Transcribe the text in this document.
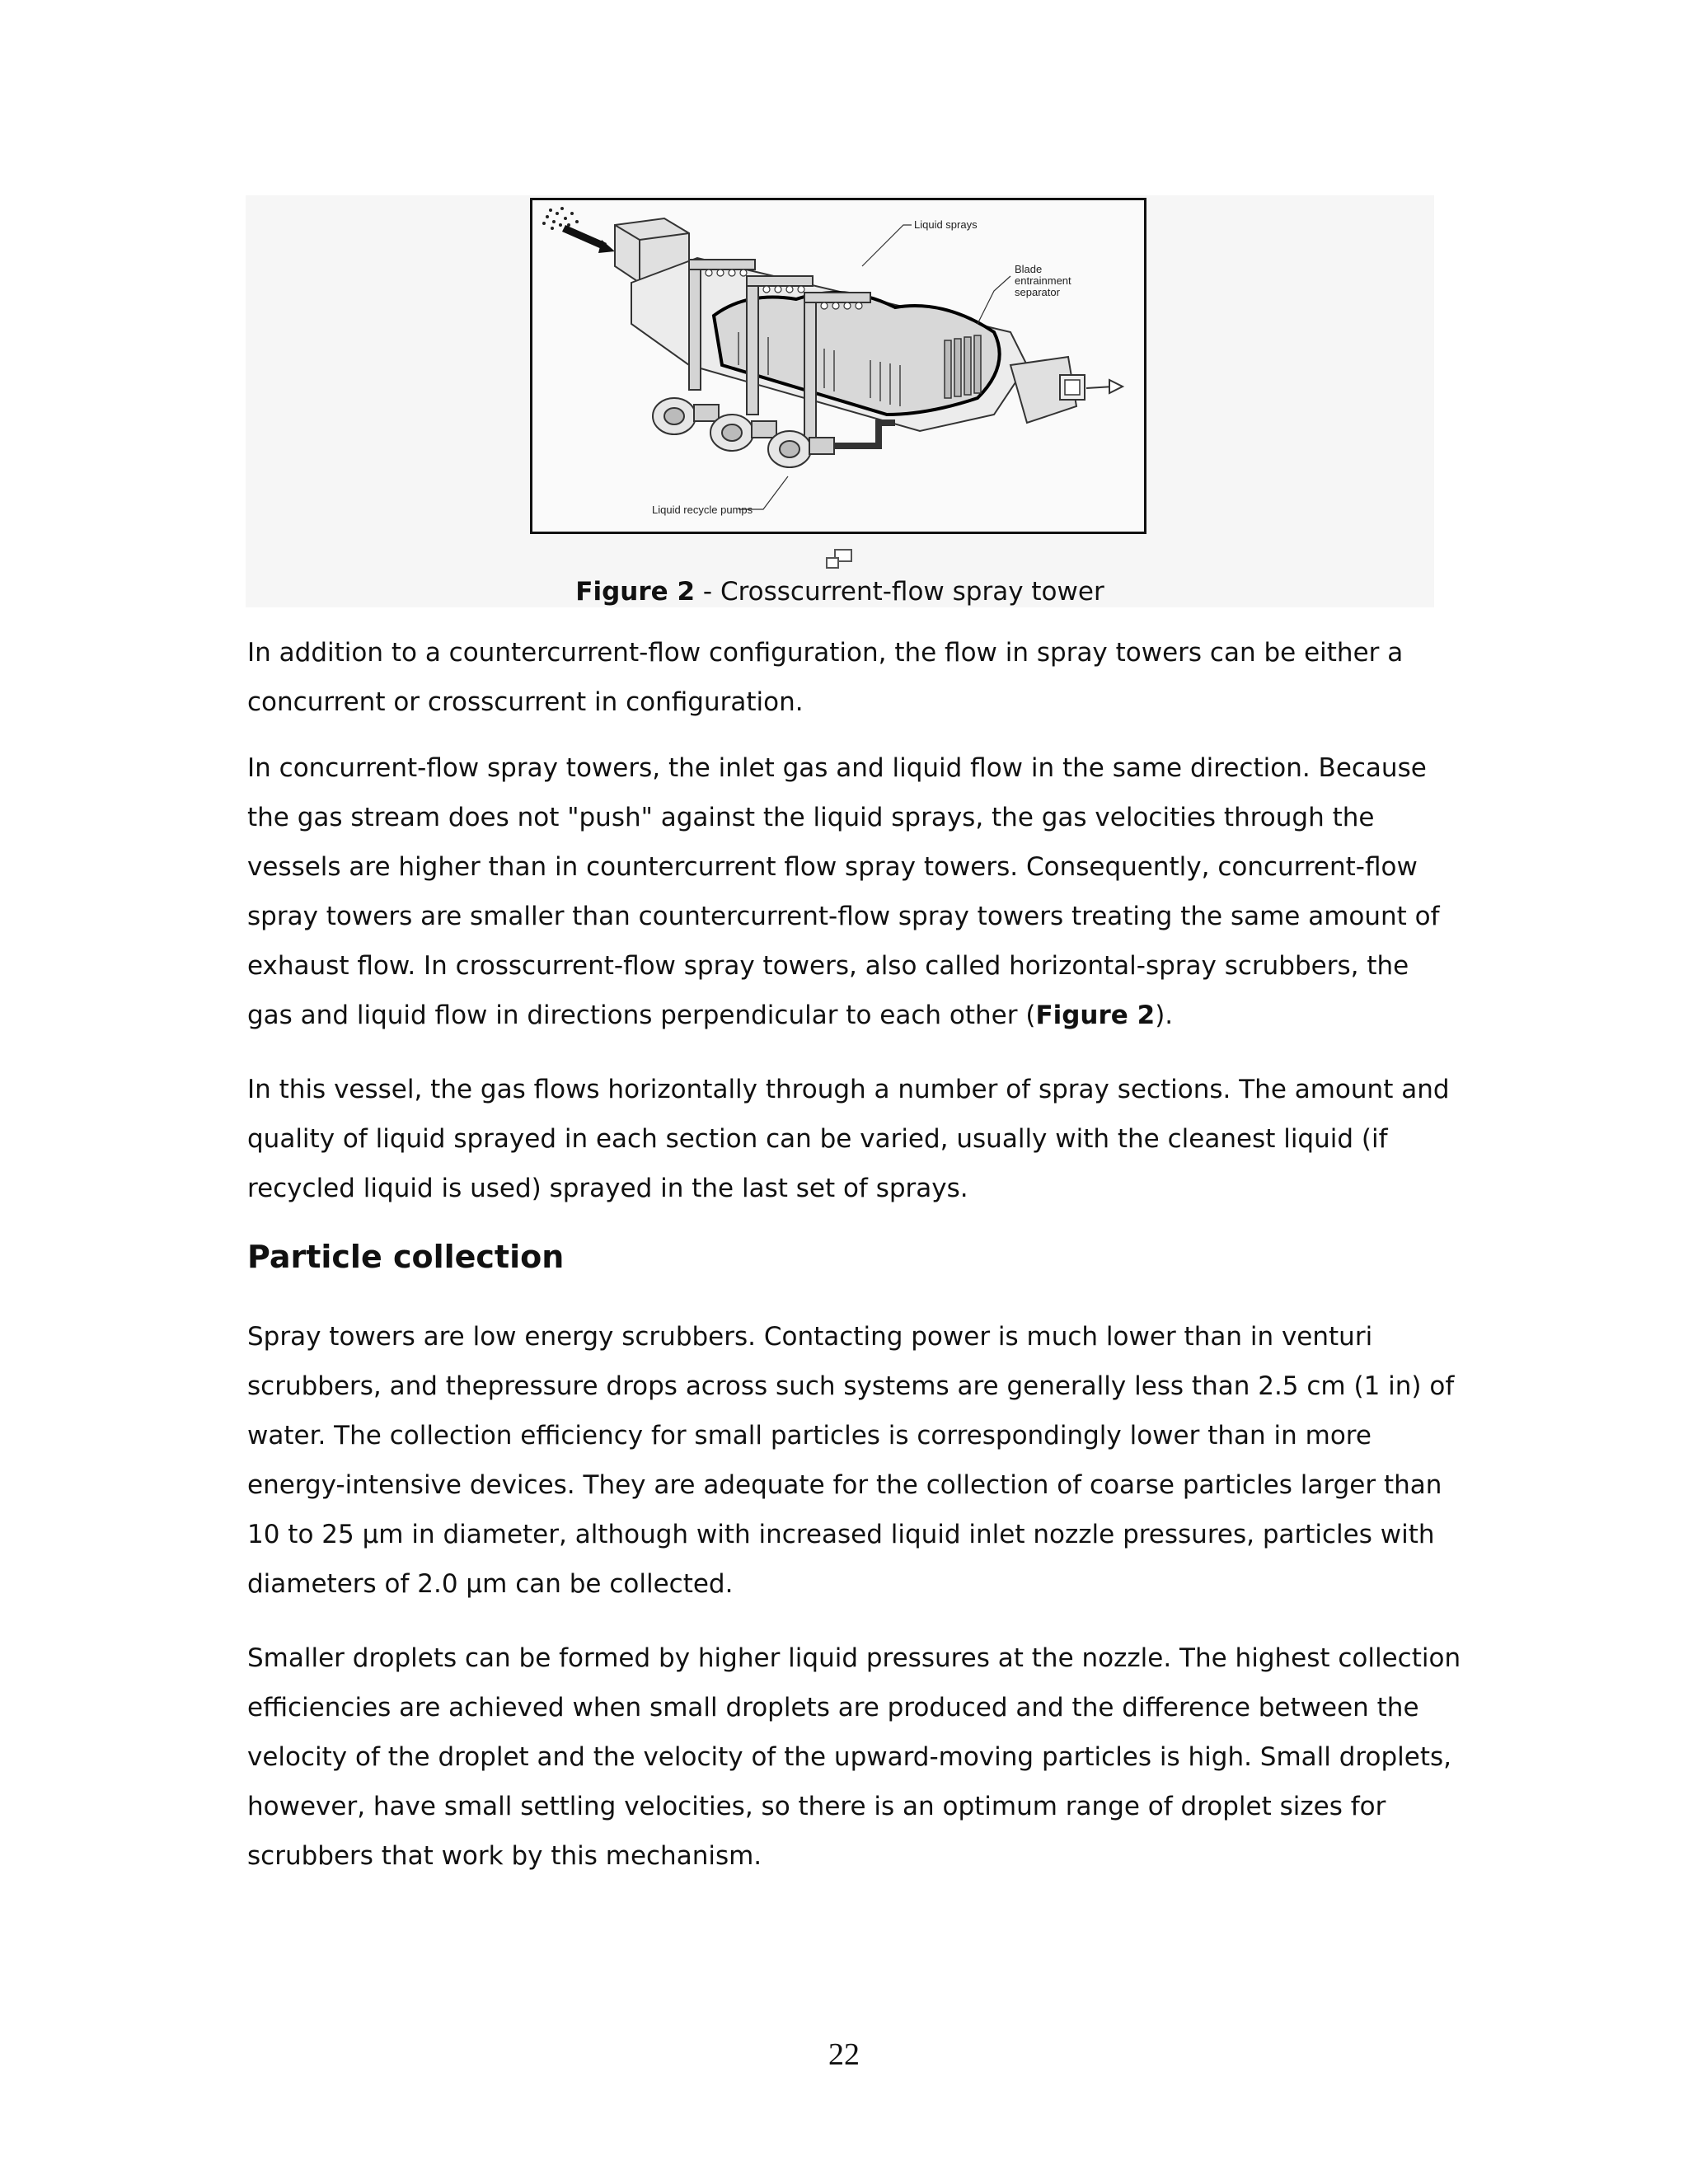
Liquid sprays
Blade
entrainment
separator
Liquid recycle pumps
Figure 2 - Crosscurrent-flow spray tower

In addition to a countercurrent-flow configuration, the flow in spray towers can be either a
concurrent or crosscurrent in configuration.

In concurrent-flow spray towers, the inlet gas and liquid flow in the same direction. Because
the gas stream does not "push" against the liquid sprays, the gas velocities through the
vessels are higher than in countercurrent flow spray towers. Consequently, concurrent-flow
spray towers are smaller than countercurrent-flow spray towers treating the same amount of
exhaust flow. In crosscurrent-flow spray towers, also called horizontal-spray scrubbers, the
gas and liquid flow in directions perpendicular to each other (Figure 2).

In this vessel, the gas flows horizontally through a number of spray sections. The amount and
quality of liquid sprayed in each section can be varied, usually with the cleanest liquid (if
recycled liquid is used) sprayed in the last set of sprays.

Particle collection

Spray towers are low energy scrubbers. Contacting power is much lower than in venturi
scrubbers, and thepressure drops across such systems are generally less than 2.5 cm (1 in) of
water. The collection efficiency for small particles is correspondingly lower than in more
energy-intensive devices. They are adequate for the collection of coarse particles larger than
10 to 25 µm in diameter, although with increased liquid inlet nozzle pressures, particles with
diameters of 2.0 µm can be collected.

Smaller droplets can be formed by higher liquid pressures at the nozzle. The highest collection
efficiencies are achieved when small droplets are produced and the difference between the
velocity of the droplet and the velocity of the upward-moving particles is high. Small droplets,
however, have small settling velocities, so there is an optimum range of droplet sizes for
scrubbers that work by this mechanism.

22
